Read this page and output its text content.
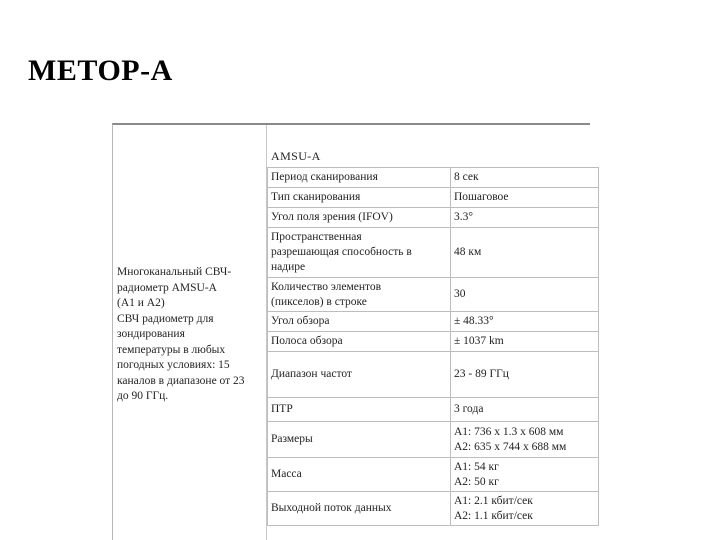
МЕТОР-А
Многоканальный СВЧ-
радиометр AMSU-A
(A1 и A2)
СВЧ радиометр для
зондирования
температуры в любых
погодных условиях: 15
каналов в диапазоне от 23
до 90 ГГц.
AMSU-A
Период сканирования	8 сек
Тип сканирования	Пошаговое
Угол поля зрения (IFOV)	3.3°
Пространственная
разрешающая способность в
надире	48 км
Количество элементов
(пикселов) в строке	30
Угол обзора	± 48.33°
Полоса обзора	± 1037 km
Диапазон частот	23 - 89 ГГц
ПТР	3 года
Размеры	A1: 736 x 1.3 x 608 мм
A2: 635 x 744 x 688 мм
Масса	A1: 54 кг
A2: 50 кг
Выходной поток данных	A1: 2.1 кбит/сек
A2: 1.1 кбит/сек
